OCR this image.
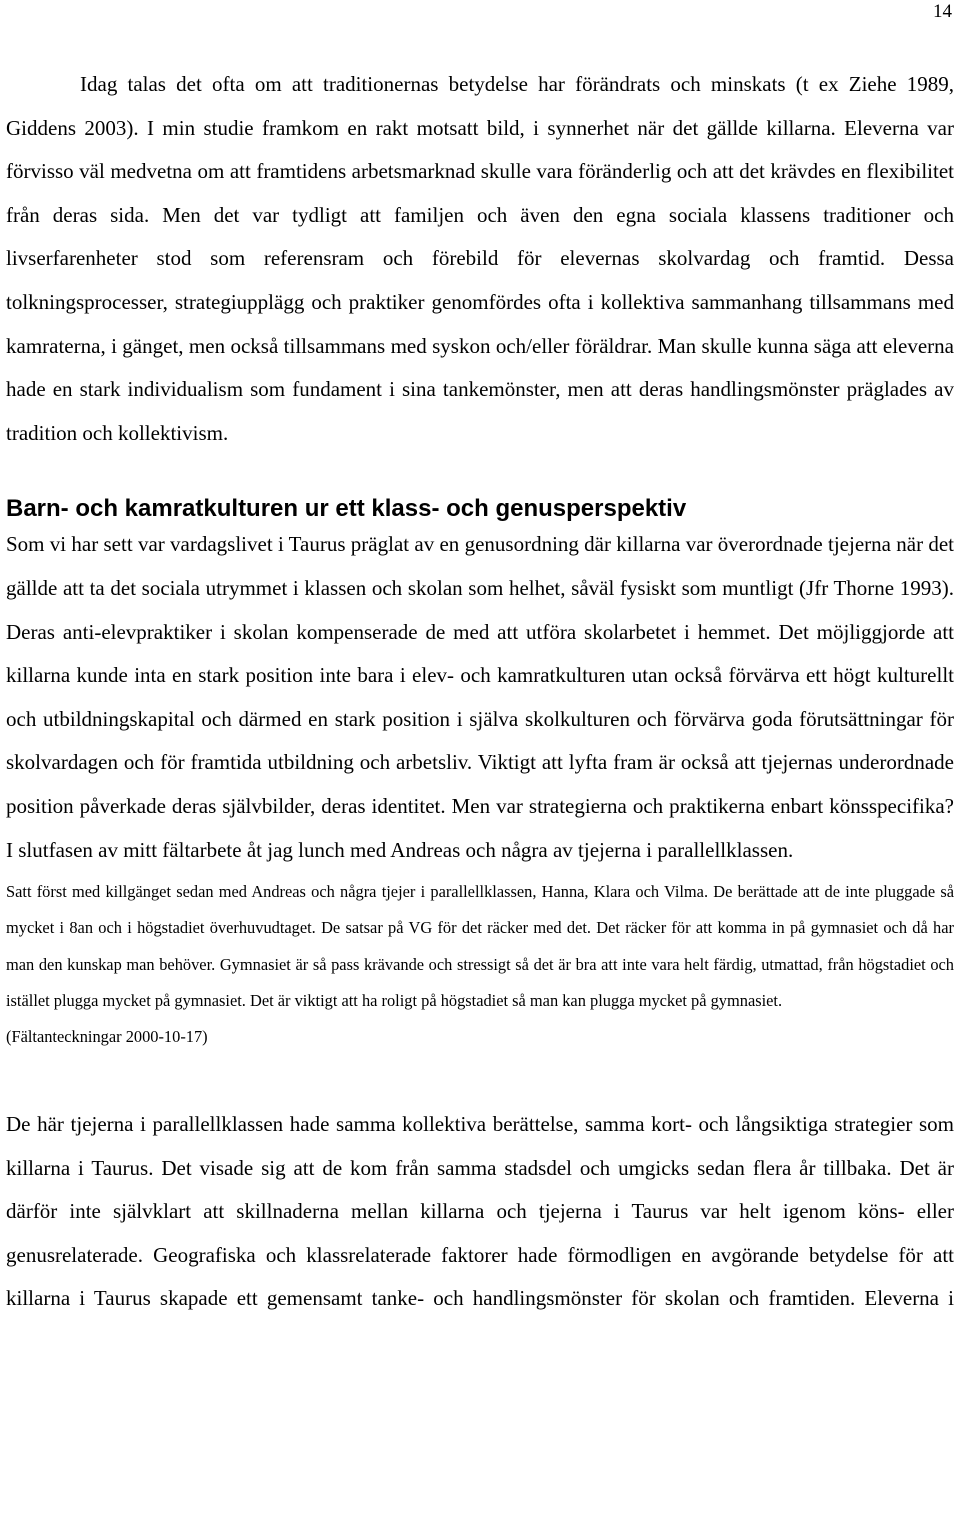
14

Idag talas det ofta om att traditionernas betydelse har förändrats och minskats (t ex Ziehe 1989, Giddens 2003). I min studie framkom en rakt motsatt bild, i synnerhet när det gällde killarna. Eleverna var förvisso väl medvetna om att framtidens arbetsmarknad skulle vara föränderlig och att det krävdes en flexibilitet från deras sida. Men det var tydligt att familjen och även den egna sociala klassens traditioner och livserfarenheter stod som referensram och förebild för elevernas skolvardag och framtid. Dessa tolkningsprocesser, strategiupplägg och praktiker genomfördes ofta i kollektiva sammanhang tillsammans med kamraterna, i gänget, men också tillsammans med syskon och/eller föräldrar. Man skulle kunna säga att eleverna hade en stark individualism som fundament i sina tankemönster, men att deras handlingsmönster präglades av tradition och kollektivism.

Barn- och kamratkulturen ur ett klass- och genusperspektiv

Som vi har sett var vardagslivet i Taurus präglat av en genusordning där killarna var överordnade tjejerna när det gällde att ta det sociala utrymmet i klassen och skolan som helhet, såväl fysiskt som muntligt (Jfr Thorne 1993). Deras anti-elevpraktiker i skolan kompenserade de med att utföra skolarbetet i hemmet. Det möjliggjorde att killarna kunde inta en stark position inte bara i elev- och kamratkulturen utan också förvärva ett högt kulturellt och utbildningskapital och därmed en stark position i själva skolkulturen och förvärva goda förutsättningar för skolvardagen och för framtida utbildning och arbetsliv. Viktigt att lyfta fram är också att tjejernas underordnade position påverkade deras självbilder, deras identitet. Men var strategierna och praktikerna enbart könsspecifika? I slutfasen av mitt fältarbete åt jag lunch med Andreas och några av tjejerna i parallellklassen.

Satt först med killgänget sedan med Andreas och några tjejer i parallellklassen, Hanna, Klara och Vilma. De berättade att de inte pluggade så mycket i 8an och i högstadiet överhuvudtaget. De satsar på VG för det räcker med det. Det räcker för att komma in på gymnasiet och då har man den kunskap man behöver. Gymnasiet är så pass krävande och stressigt så det är bra att inte vara helt färdig, utmattad, från högstadiet och istället plugga mycket på gymnasiet. Det är viktigt att ha roligt på högstadiet så man kan plugga mycket på gymnasiet.

(Fältanteckningar 2000-10-17)

De här tjejerna i parallellklassen hade samma kollektiva berättelse, samma kort- och långsiktiga strategier som killarna i Taurus. Det visade sig att de kom från samma stadsdel och umgicks sedan flera år tillbaka. Det är därför inte självklart att skillnaderna mellan killarna och tjejerna i Taurus var helt igenom köns- eller genusrelaterade. Geografiska och klassrelaterade faktorer hade förmodligen en avgörande betydelse för att killarna i Taurus skapade ett gemensamt tanke- och handlingsmönster för skolan och framtiden. Eleverna i
